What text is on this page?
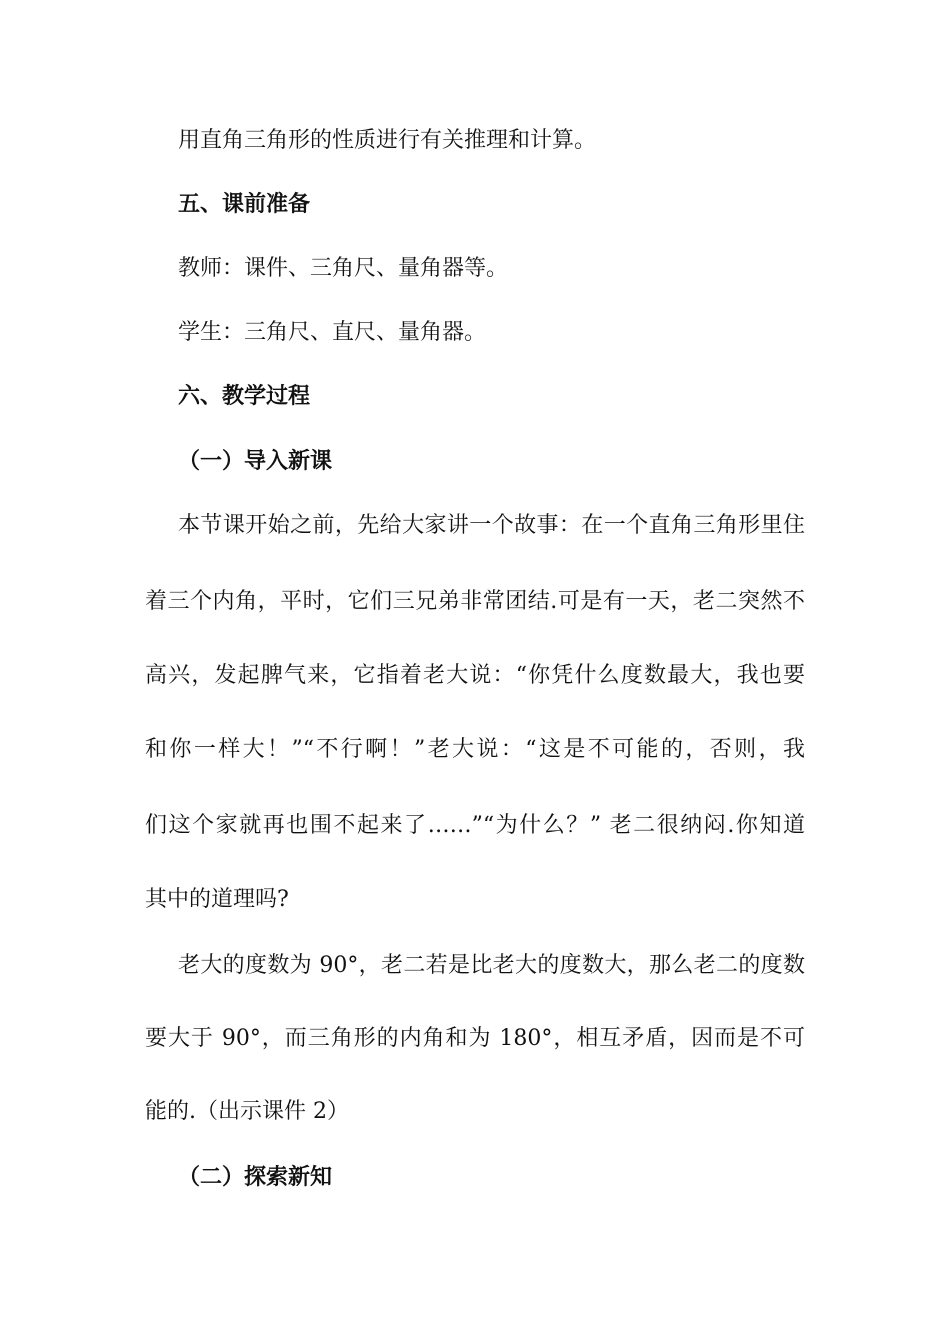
用直角三角形的性质进行有关推理和计算。

五、课前准备

教师：课件、三角尺、量角器等。

学生：三角尺、直尺、量角器。

六、教学过程

（一）导入新课

本节课开始之前，先给大家讲一个故事：在一个直角三角形里住

着三个内角，平时，它们三兄弟非常团结.可是有一天，老二突然不

高兴，发起脾气来，它指着老大说：“你凭什么度数最大，我也要

和你一样大！”“不行啊！”老大说：“这是不可能的，否则，我

们这个家就再也围不起来了……”“为什么？” 老二很纳闷.你知道

其中的道理吗?

老大的度数为 90°，老二若是比老大的度数大，那么老二的度数

要大于 90°，而三角形的内角和为 180°，相互矛盾，因而是不可

能的.（出示课件 2）

（二）探索新知
